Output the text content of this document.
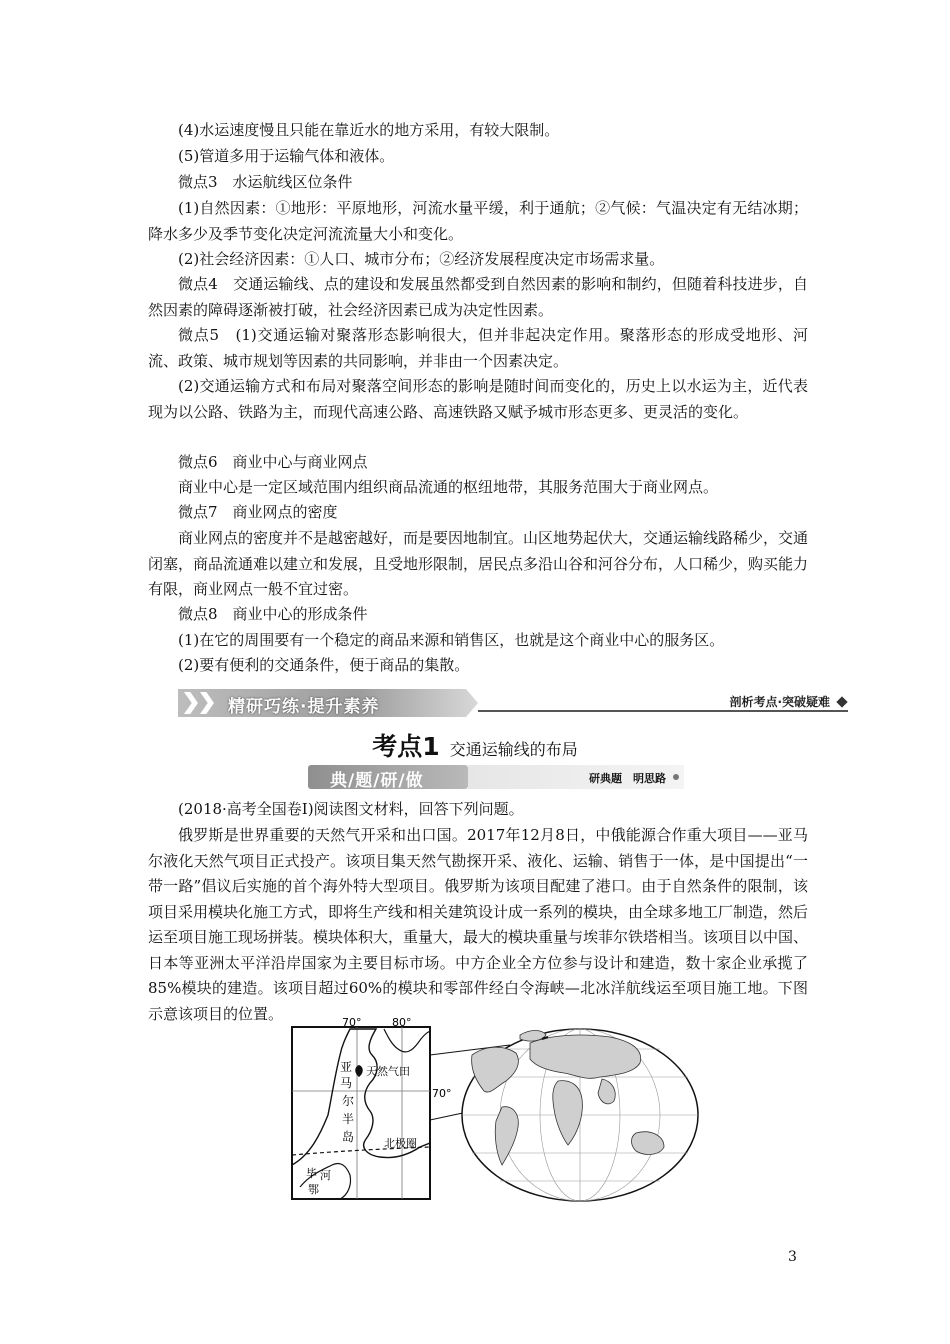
(4)水运速度慢且只能在靠近水的地方采用，有较大限制。

(5)管道多用于运输气体和液体。

微点3　水运航线区位条件

(1)自然因素：①地形：平原地形，河流水量平缓，利于通航；②气候：气温决定有无结冰期；降水多少及季节变化决定河流流量大小和变化。

(2)社会经济因素：①人口、城市分布；②经济发展程度决定市场需求量。

微点4　交通运输线、点的建设和发展虽然都受到自然因素的影响和制约，但随着科技进步，自然因素的障碍逐渐被打破，社会经济因素已成为决定性因素。

微点5　(1)交通运输对聚落形态影响很大，但并非起决定作用。聚落形态的形成受地形、河流、政策、城市规划等因素的共同影响，并非由一个因素决定。

(2)交通运输方式和布局对聚落空间形态的影响是随时间而变化的，历史上以水运为主，近代表现为以公路、铁路为主，而现代高速公路、高速铁路又赋予城市形态更多、更灵活的变化。

微点6　商业中心与商业网点

商业中心是一定区域范围内组织商品流通的枢纽地带，其服务范围大于商业网点。

微点7　商业网点的密度

商业网点的密度并不是越密越好，而是要因地制宜。山区地势起伏大，交通运输线路稀少，交通闭塞，商品流通难以建立和发展，且受地形限制，居民点多沿山谷和河谷分布，人口稀少，购买能力有限，商业网点一般不宜过密。

微点8　商业中心的形成条件

(1)在它的周围要有一个稳定的商品来源和销售区，也就是这个商业中心的服务区。

(2)要有便利的交通条件，便于商品的集散。

精研巧练·提升素养	剖析考点·突破疑难
考点1 交通运输线的布局
典/题/研/做	研典题　明思路

(2018·高考全国卷Ⅰ)阅读图文材料，回答下列问题。

俄罗斯是世界重要的天然气开采和出口国。2017年12月8日，中俄能源合作重大项目——亚马尔液化天然气项目正式投产。该项目集天然气勘探开采、液化、运输、销售于一体，是中国提出“一带一路”倡议后实施的首个海外特大型项目。俄罗斯为该项目配建了港口。由于自然条件的限制，该项目采用模块化施工方式，即将生产线和相关建筑设计成一系列的模块，由全球多地工厂制造，然后运至项目施工现场拼装。模块体积大，重量大，最大的模块重量与埃菲尔铁塔相当。该项目以中国、日本等亚洲太平洋沿岸国家为主要目标市场。中方企业全方位参与设计和建造，数十家企业承揽了85%模块的建造。该项目超过60%的模块和零部件经白令海峡—北冰洋航线运至项目施工地。下图示意该项目的位置。	70°	80°
天然气田
亚
马
尔
半
岛	北极圈
毕 河
鄂
70°
3
